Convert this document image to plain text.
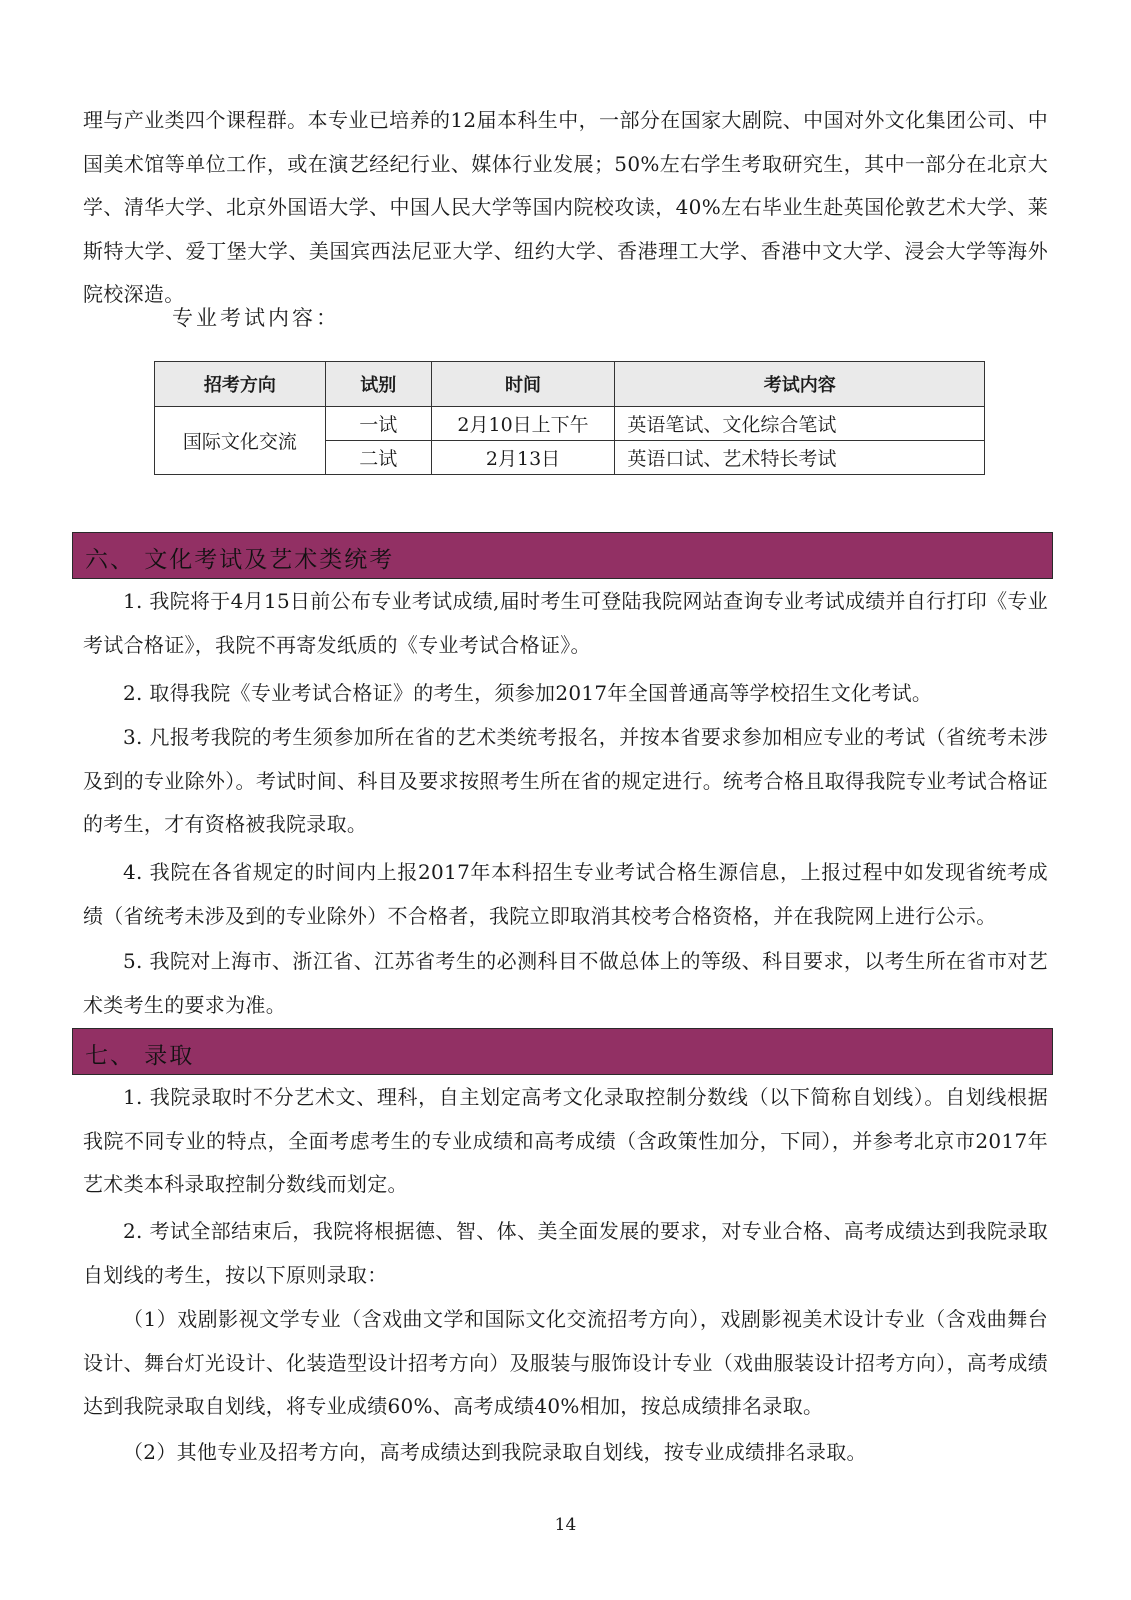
理与产业类四个课程群。本专业已培养的12届本科生中，一部分在国家大剧院、中国对外文化集团公司、中国美术馆等单位工作，或在演艺经纪行业、媒体行业发展；50%左右学生考取研究生，其中一部分在北京大学、清华大学、北京外国语大学、中国人民大学等国内院校攻读，40%左右毕业生赴英国伦敦艺术大学、莱斯特大学、爱丁堡大学、美国宾西法尼亚大学、纽约大学、香港理工大学、香港中文大学、浸会大学等海外院校深造。

专业考试内容：

招考方向	试别	时间	考试内容
国际文化交流	一试	2月10日上下午	英语笔试、文化综合笔试
	二试	2月13日	英语口试、艺术特长考试
六、 文化考试及艺术类统考

1. 我院将于4月15日前公布专业考试成绩,届时考生可登陆我院网站查询专业考试成绩并自行打印《专业考试合格证》，我院不再寄发纸质的《专业考试合格证》。

2. 取得我院《专业考试合格证》的考生，须参加2017年全国普通高等学校招生文化考试。

3. 凡报考我院的考生须参加所在省的艺术类统考报名，并按本省要求参加相应专业的考试（省统考未涉及到的专业除外）。考试时间、科目及要求按照考生所在省的规定进行。统考合格且取得我院专业考试合格证的考生，才有资格被我院录取。

4. 我院在各省规定的时间内上报2017年本科招生专业考试合格生源信息，上报过程中如发现省统考成绩（省统考未涉及到的专业除外）不合格者，我院立即取消其校考合格资格，并在我院网上进行公示。

5. 我院对上海市、浙江省、江苏省考生的必测科目不做总体上的等级、科目要求，以考生所在省市对艺术类考生的要求为准。

七、 录取

1. 我院录取时不分艺术文、理科，自主划定高考文化录取控制分数线（以下简称自划线）。自划线根据我院不同专业的特点，全面考虑考生的专业成绩和高考成绩（含政策性加分，下同），并参考北京市2017年艺术类本科录取控制分数线而划定。

2. 考试全部结束后，我院将根据德、智、体、美全面发展的要求，对专业合格、高考成绩达到我院录取自划线的考生，按以下原则录取：

（1）戏剧影视文学专业（含戏曲文学和国际文化交流招考方向），戏剧影视美术设计专业（含戏曲舞台设计、舞台灯光设计、化装造型设计招考方向）及服装与服饰设计专业（戏曲服装设计招考方向），高考成绩达到我院录取自划线，将专业成绩60%、高考成绩40%相加，按总成绩排名录取。

（2）其他专业及招考方向，高考成绩达到我院录取自划线，按专业成绩排名录取。

14
